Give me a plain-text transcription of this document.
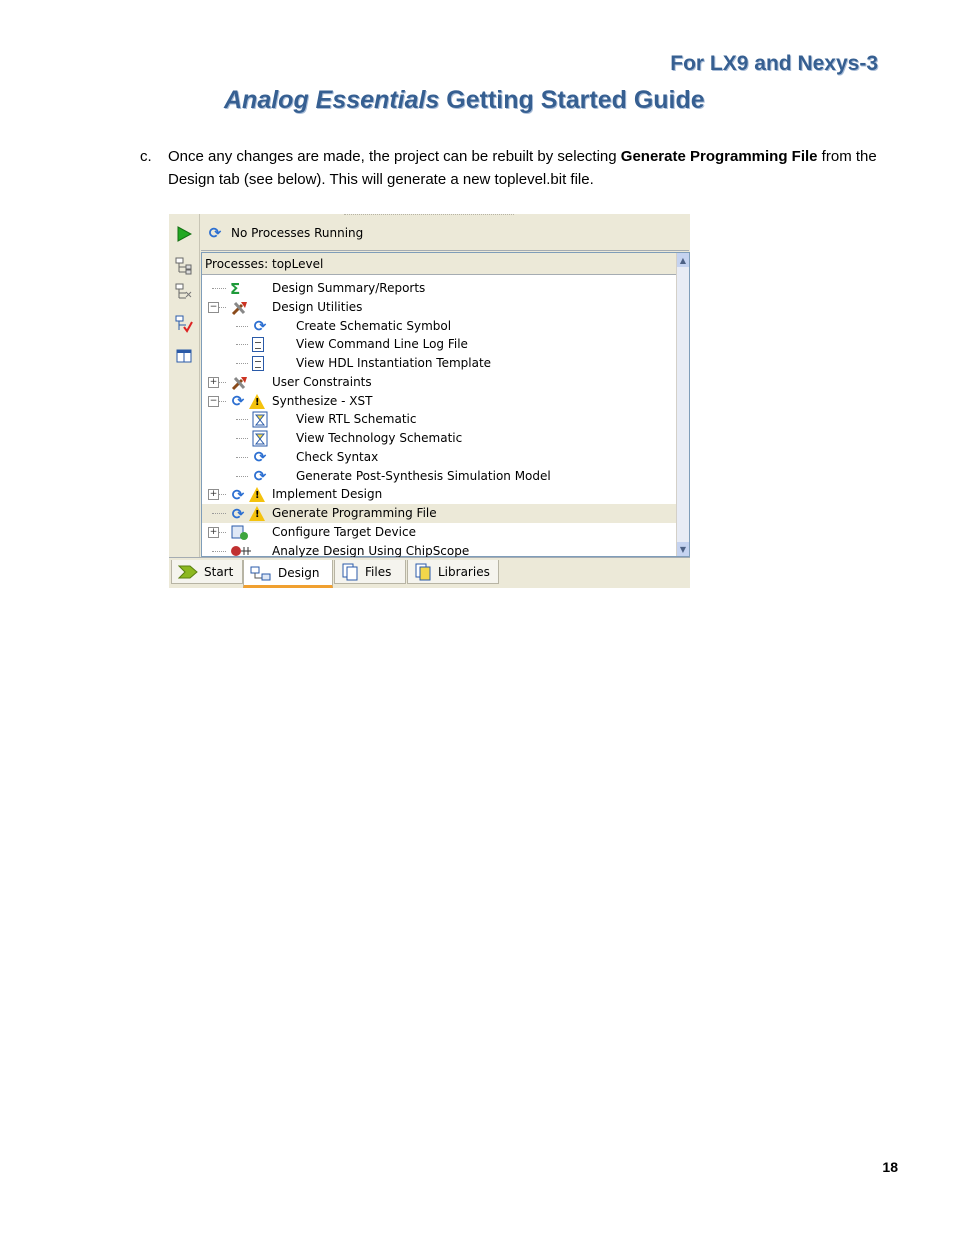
For LX9 and Nexys-3
Analog Essentials Getting Started Guide
c. Once any changes are made, the project can be rebuilt by selecting Generate Programming File from the Design tab (see below). This will generate a new toplevel.bit file.
⟳ No Processes Running
Processes: topLevel
Σ	Design Summary/Reports
−	Design Utilities
⟳ Create Schematic Symbol
View Command Line Log File
View HDL Instantiation Template
+	User Constraints
− ⟳ ! Synthesize - XST
View RTL Schematic
View Technology Schematic
⟳ Check Syntax
⟳ Generate Post-Synthesis Simulation Model
+ ⟳ ! Implement Design
⟳ ! Generate Programming File
+	Configure Target Device
Analyze Design Using ChipScope
▲
▼
Start	Design	Files	Libraries
18
